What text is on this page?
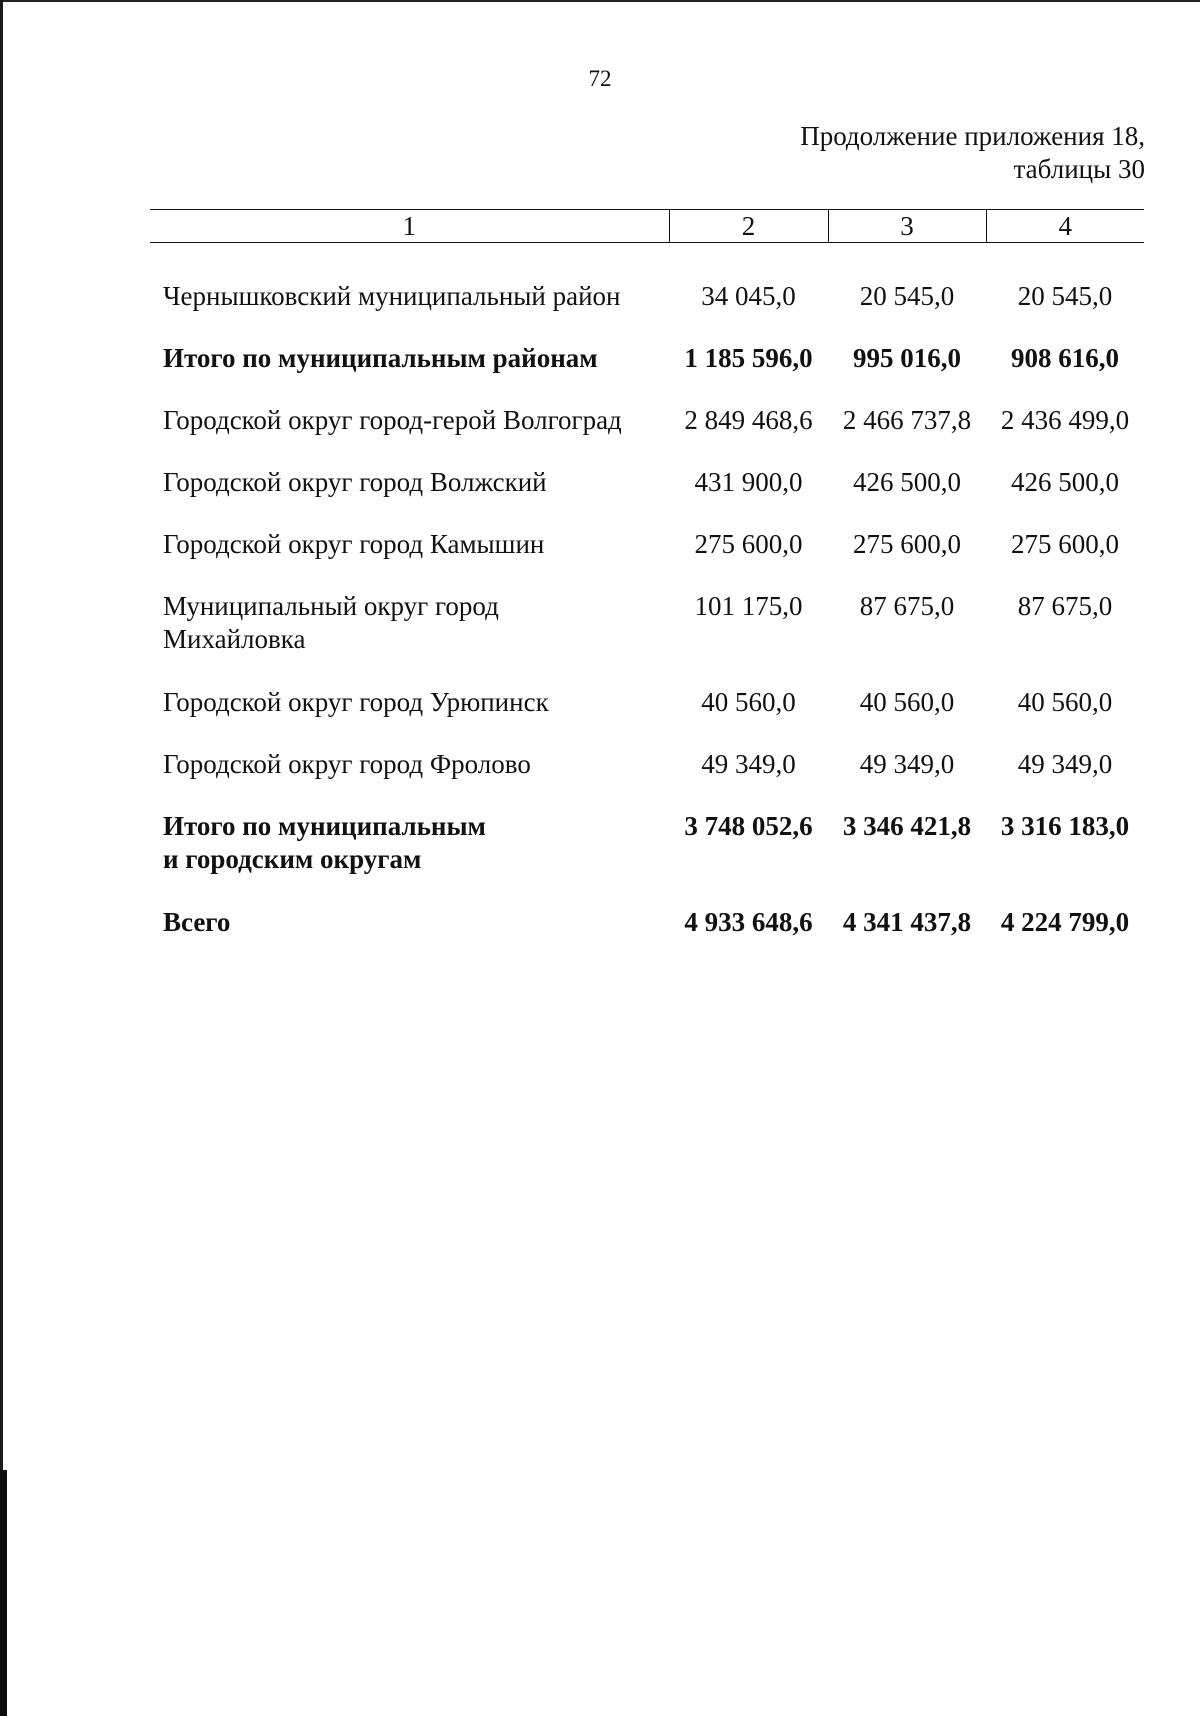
72
Продолжение приложения 18,
таблицы 30
1	2	3	4
Чернышковский муниципальный район	34 045,0	20 545,0	20 545,0
Итого по муниципальным районам	1 185 596,0	995 016,0	908 616,0
Городской округ город-герой Волгоград	2 849 468,6	2 466 737,8	2 436 499,0
Городской округ город Волжский	431 900,0	426 500,0	426 500,0
Городской округ город Камышин	275 600,0	275 600,0	275 600,0

Муниципальный округ город
Михайловка	101 175,0	87 675,0	87 675,0
Городской округ город Урюпинск	40 560,0	40 560,0	40 560,0
Городской округ город Фролово	49 349,0	49 349,0	49 349,0

Итого по муниципальным
и городским округам	3 748 052,6	3 346 421,8	3 316 183,0
Всего	4 933 648,6	4 341 437,8	4 224 799,0
